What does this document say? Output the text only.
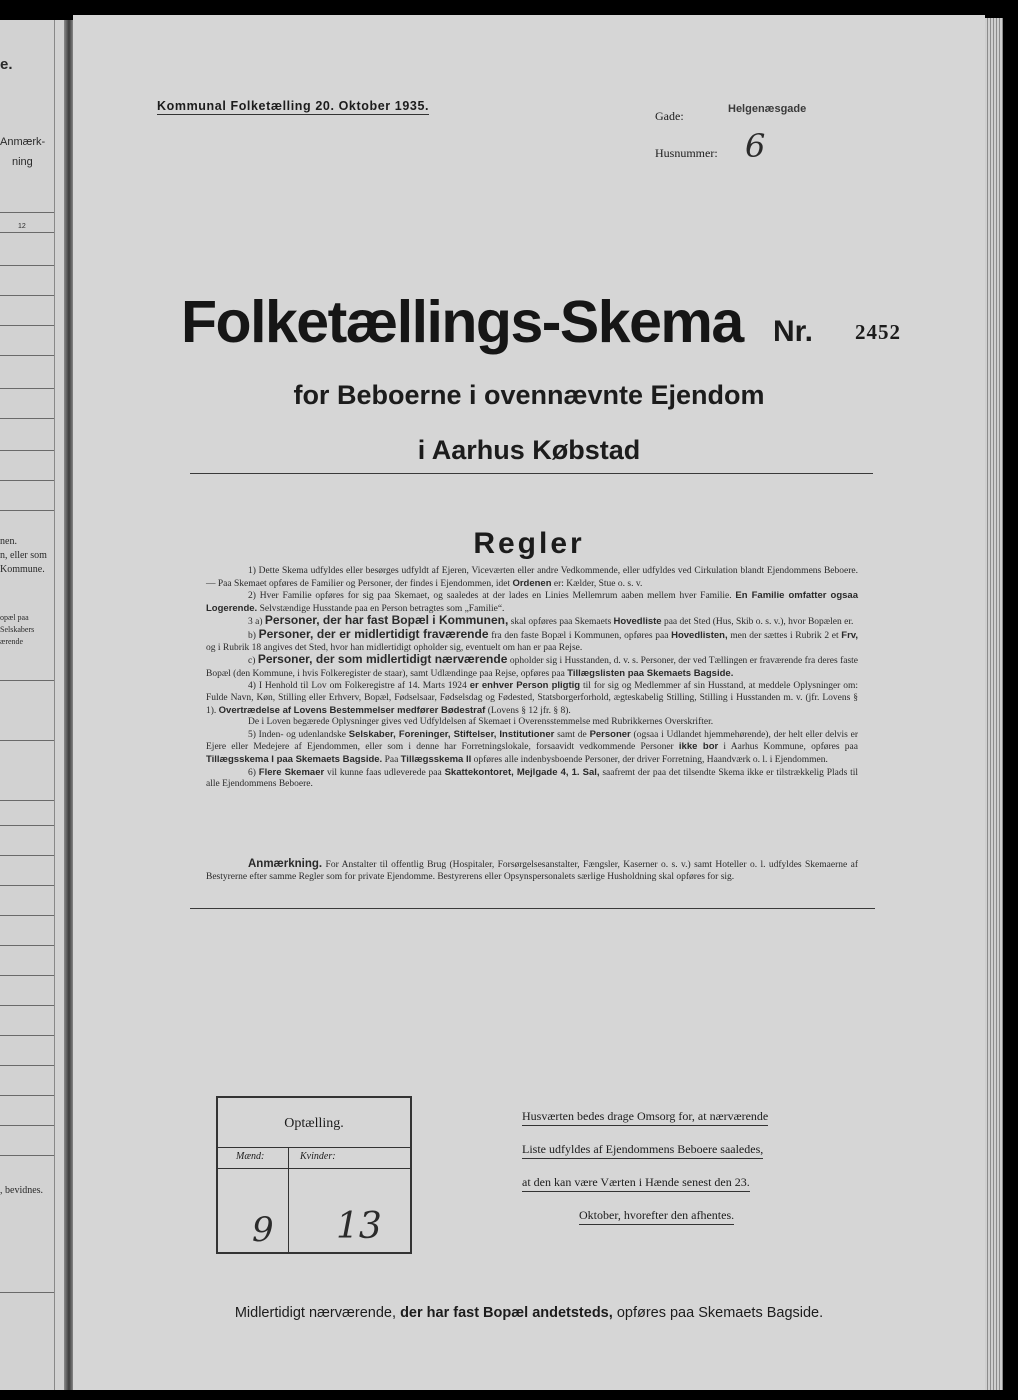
e.
Anmærk-
ning
12
nen.
n, eller som
Kommune.
opæl paa
Selskabers
ærende
, bevidnes.
Kommunal Folketælling 20. Oktober 1935.
Gade:	Helgenæsgade
Husnummer: 6
Folketællings-Skema Nr. 2452
for Beboerne i ovennævnte Ejendom
i Aarhus Købstad
Regler

1) Dette Skema udfyldes eller besørges udfyldt af Ejeren, Viceværten eller andre Vedkommende, eller udfyldes ved Cirkulation blandt Ejendommens Beboere. — Paa Skemaet opføres de Familier og Personer, der findes i Ejendommen, idet Ordenen er: Kælder, Stue o. s. v.

2) Hver Familie opføres for sig paa Skemaet, og saaledes at der lades en Linies Mellemrum aaben mellem hver Familie. En Familie omfatter ogsaa Logerende. Selvstændige Husstande paa en Person betragtes som „Familie“.

3 a) Personer, der har fast Bopæl i Kommunen, skal opføres paa Skemaets Hovedliste paa det Sted (Hus, Skib o. s. v.), hvor Bopælen er.

b) Personer, der er midlertidigt fraværende fra den faste Bopæl i Kommunen, opføres paa Hovedlisten, men der sættes i Rubrik 2 et Frv, og i Rubrik 18 angives det Sted, hvor han midlertidigt opholder sig, eventuelt om han er paa Rejse.

c) Personer, der som midlertidigt nærværende opholder sig i Husstanden, d. v. s. Personer, der ved Tællingen er fraværende fra deres faste Bopæl (den Kommune, i hvis Folkeregister de staar), samt Udlændinge paa Rejse, opføres paa Tillægslisten paa Skemaets Bagside.

4) I Henhold til Lov om Folkeregistre af 14. Marts 1924 er enhver Person pligtig til for sig og Medlemmer af sin Husstand, at meddele Oplysninger om: Fulde Navn, Køn, Stilling eller Erhverv, Bopæl, Fødselsaar, Fødselsdag og Fødested, Statsborgerforhold, ægteskabelig Stilling, Stilling i Husstanden m. v. (jfr. Lovens § 1). Overtrædelse af Lovens Bestemmelser medfører Bødestraf (Lovens § 12 jfr. § 8).

De i Loven begærede Oplysninger gives ved Udfyldelsen af Skemaet i Overensstemmelse med Rubrikkernes Overskrifter.

5) Inden- og udenlandske Selskaber, Foreninger, Stiftelser, Institutioner samt de Personer (ogsaa i Udlandet hjemmehørende), der helt eller delvis er Ejere eller Medejere af Ejendommen, eller som i denne har Forretningslokale, forsaavidt vedkommende Personer ikke bor i Aarhus Kommune, opføres paa Tillægsskema I paa Skemaets Bagside. Paa Tillægsskema II opføres alle indenbysboende Personer, der driver Forretning, Haandværk o. l. i Ejendommen.

6) Flere Skemaer vil kunne faas udleverede paa Skattekontoret, Mejlgade 4, 1. Sal, saafremt der paa det tilsendte Skema ikke er tilstrækkelig Plads til alle Ejendommens Beboere.

Anmærkning. For Anstalter til offentlig Brug (Hospitaler, Forsørgelsesanstalter, Fængsler, Kaserner o. s. v.) samt Hoteller o. l. udfyldes Skemaerne af Bestyrerne efter samme Regler som for private Ejendomme. Bestyrerens eller Opsynspersonalets særlige Husholdning skal opføres for sig.

Optælling.
Mænd:	Kvinder:
9 13
Husværten bedes drage Omsorg for, at nærværende
Liste udfyldes af Ejendommens Beboere saaledes,
at den kan være Værten i Hænde senest den 23.
Oktober, hvorefter den afhentes.
Midlertidigt nærværende, der har fast Bopæl andetsteds, opføres paa Skemaets Bagside.
